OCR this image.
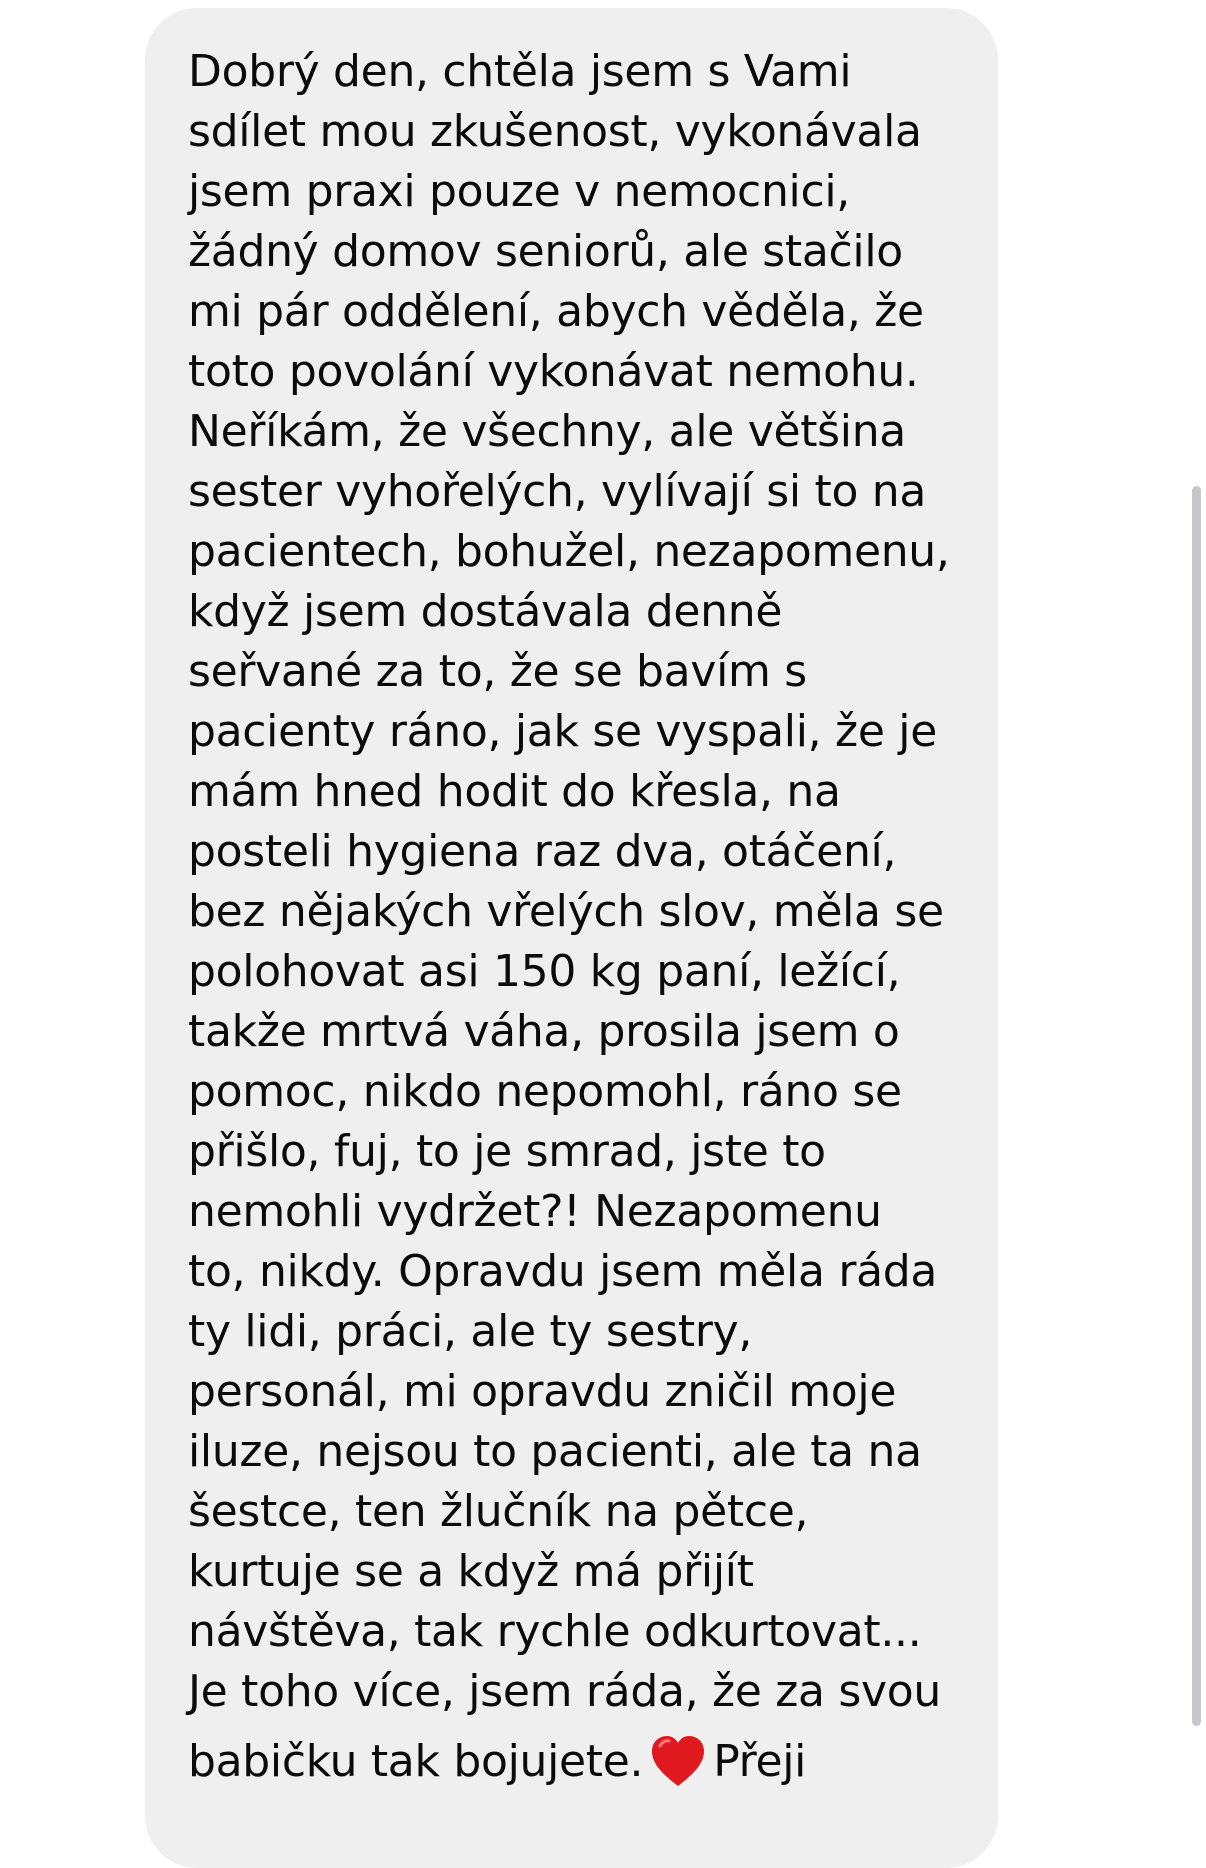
Dobrý den, chtěla jsem s Vami
sdílet mou zkušenost, vykonávala
jsem praxi pouze v nemocnici,
žádný domov seniorů, ale stačilo
mi pár oddělení, abych věděla, že
toto povolání vykonávat nemohu.
Neříkám, že všechny, ale většina
sester vyhořelých, vylívají si to na
pacientech, bohužel, nezapomenu,
když jsem dostávala denně
seřvané za to, že se bavím s
pacienty ráno, jak se vyspali, že je
mám hned hodit do křesla, na
posteli hygiena raz dva, otáčení,
bez nějakých vřelých slov, měla se
polohovat asi 150 kg paní, ležící,
takže mrtvá váha, prosila jsem o
pomoc, nikdo nepomohl, ráno se
přišlo, fuj, to je smrad, jste to
nemohli vydržet?! Nezapomenu
to, nikdy. Opravdu jsem měla ráda
ty lidi, práci, ale ty sestry,
personál, mi opravdu zničil moje
iluze, nejsou to pacienti, ale ta na
šestce, ten žlučník na pětce,
kurtuje se a když má přijít
návštěva, tak rychle odkurtovat...
Je toho více, jsem ráda, že za svou
babičku tak bojujete. Přeji
